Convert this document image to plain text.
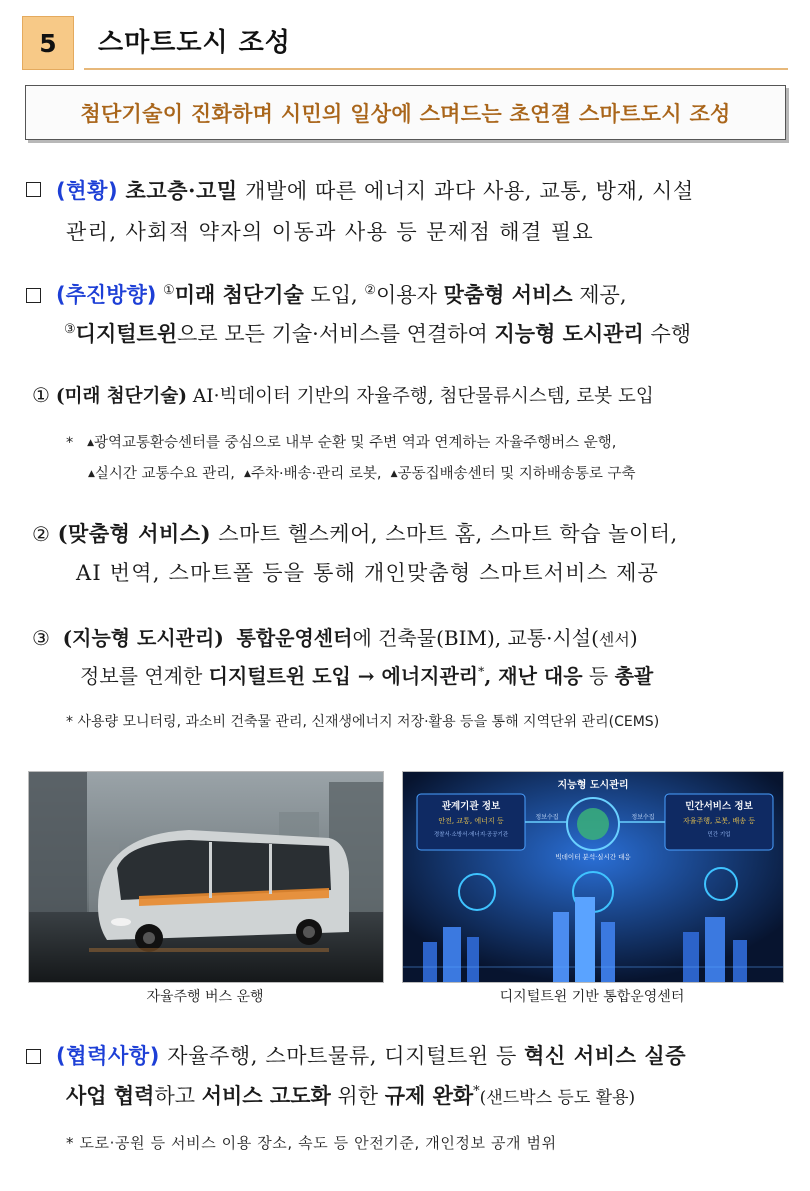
5	스마트도시 조성
첨단기술이 진화하며 시민의 일상에 스며드는 초연결 스마트도시 조성
(현황) 초고층·고밀 개발에 따른 에너지 과다 사용, 교통, 방재, 시설
관리, 사회적 약자의 이동과 사용 등 문제점 해결 필요
(추진방향) ①미래 첨단기술 도입, ②이용자 맞춤형 서비스 제공,
③디지털트윈으로 모든 기술·서비스를 연결하여 지능형 도시관리 수행
① (미래 첨단기술) AI·빅데이터 기반의 자율주행, 첨단물류시스템, 로봇 도입
* ▲광역교통환승센터를 중심으로 내부 순환 및 주변 역과 연계하는 자율주행버스 운행,
▲실시간 교통수요 관리, ▲주차·배송·관리 로봇, ▲공동집배송센터 및 지하배송통로 구축
② (맞춤형 서비스) 스마트 헬스케어, 스마트 홈, 스마트 학습 놀이터,
AI 번역, 스마트폴 등을 통해 개인맞춤형 스마트서비스 제공
③ (지능형 도시관리) 통합운영센터에 건축물(BIM), 교통·시설(센서)
정보를 연계한 디지털트윈 도입 → 에너지관리*, 재난 대응 등 총괄
* 사용량 모니터링, 과소비 건축물 관리, 신재생에너지 저장·활용 등을 통해 지역단위 관리(CEMS)
자율주행 버스 운행
지능형 도시관리
관계기관 정보
안전, 교통, 에너지 등
경찰서·소방서·에너지·공공기관
민간서비스 정보
자율주행, 로봇, 배송 등
민간 기업
정보수집	정보수집
빅데이터 분석·실시간 대응
디지털트윈 기반 통합운영센터
(협력사항) 자율주행, 스마트물류, 디지털트윈 등 혁신 서비스 실증
사업 협력하고 서비스 고도화 위한 규제 완화*(샌드박스 등도 활용)
* 도로·공원 등 서비스 이용 장소, 속도 등 안전기준, 개인정보 공개 범위
